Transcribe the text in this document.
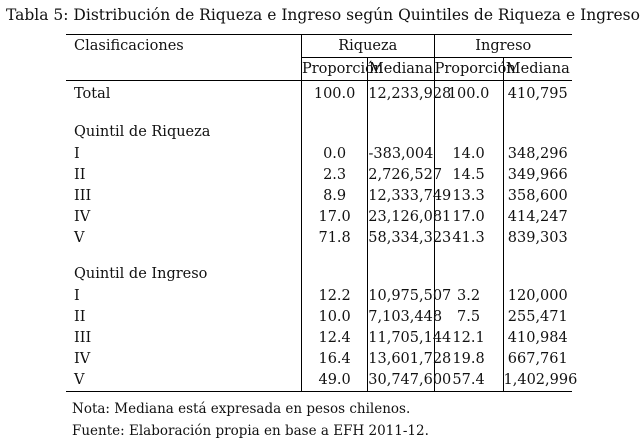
Tabla 5: Distribución de Riqueza e Ingreso según Quintiles de Riqueza e Ingreso
Clasificaciones	Riqueza		Ingreso	
	Proporción	Mediana	Proporción	Mediana
Total	100.0	12,233,928	100.0	410,795

Quintil de Riqueza				
I	0.0	-383,004	14.0	348,296
II	2.3	2,726,527	14.5	349,966
III	8.9	12,333,749	13.3	358,600
IV	17.0	23,126,081	17.0	414,247
V	71.8	58,334,323	41.3	839,303

Quintil de Ingreso				
I	12.2	10,975,507	3.2	120,000
II	10.0	7,103,448	7.5	255,471
III	12.4	11,705,144	12.1	410,984
IV	16.4	13,601,728	19.8	667,761
V	49.0	30,747,600	57.4	1,402,996
Nota: Mediana está expresada en pesos chilenos.
Fuente: Elaboración propia en base a EFH 2011-12.
